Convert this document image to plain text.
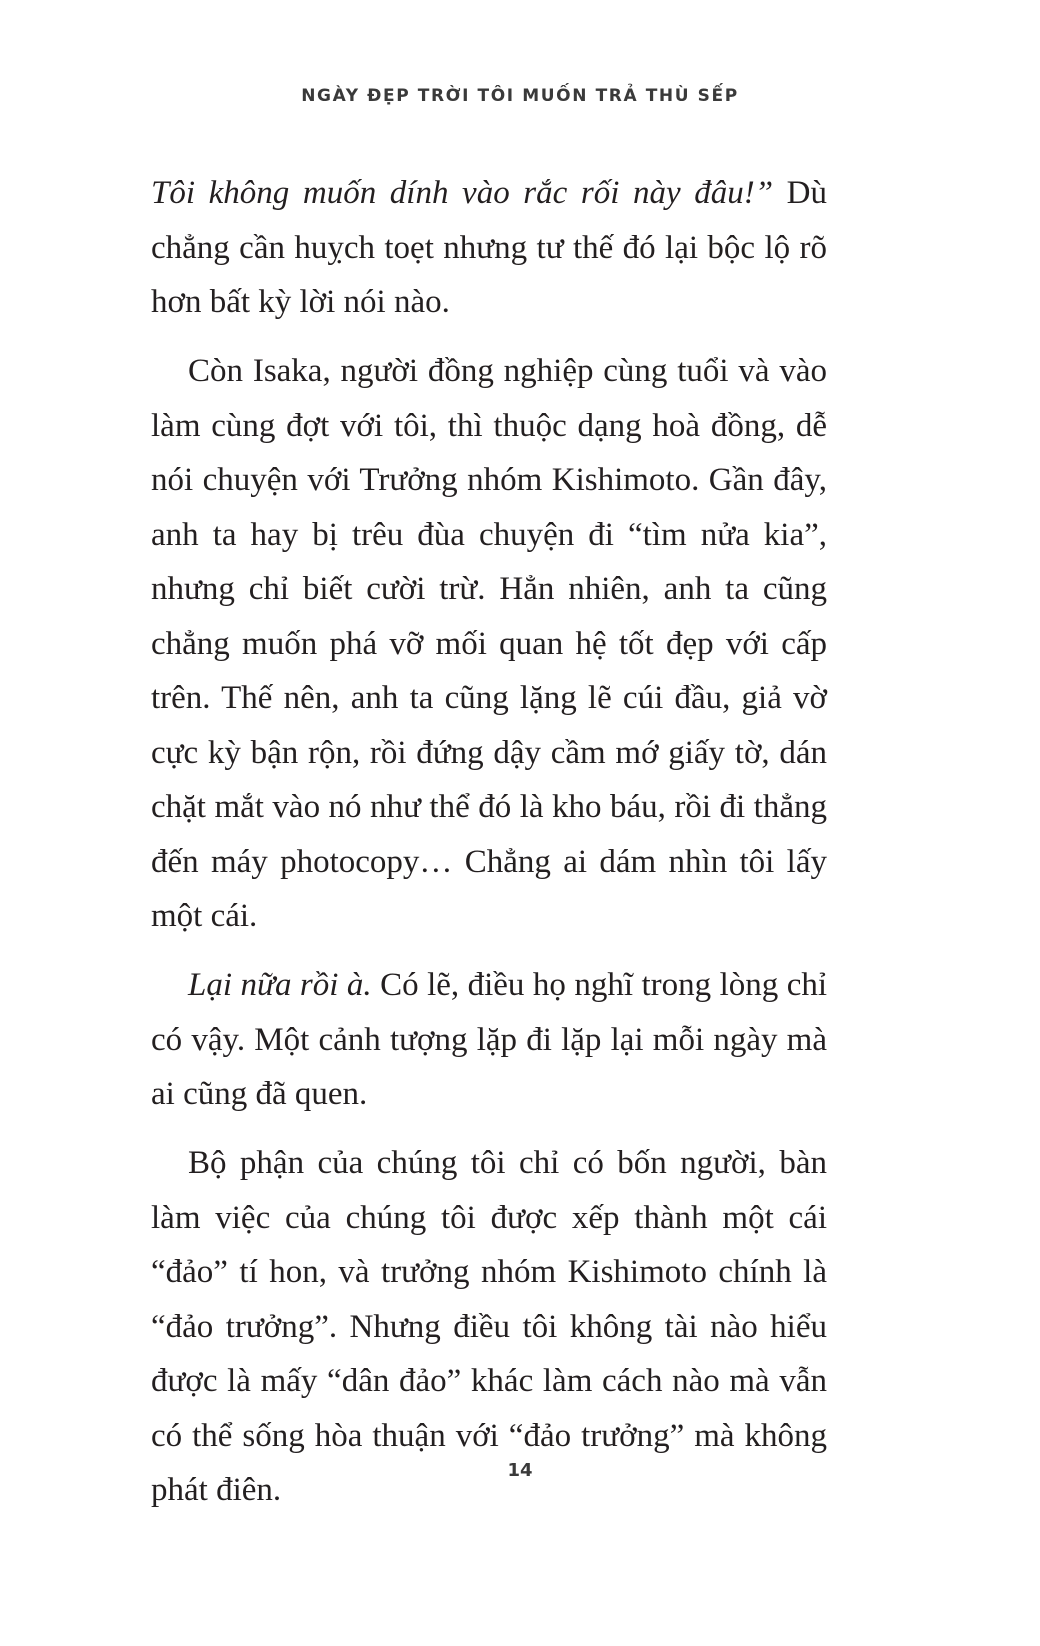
NGÀY ĐẸP TRỜI TÔI MUỐN TRẢ THÙ SẾP

Tôi không muốn dính vào rắc rối này đâu!” Dù chẳng cần huỵch toẹt nhưng tư thế đó lại bộc lộ rõ hơn bất kỳ lời nói nào.

Còn Isaka, người đồng nghiệp cùng tuổi và vào làm cùng đợt với tôi, thì thuộc dạng hoà đồng, dễ nói chuyện với Trưởng nhóm Kishimoto. Gần đây, anh ta hay bị trêu đùa chuyện đi “tìm nửa kia”, nhưng chỉ biết cười trừ. Hẳn nhiên, anh ta cũng chẳng muốn phá vỡ mối quan hệ tốt đẹp với cấp trên. Thế nên, anh ta cũng lặng lẽ cúi đầu, giả vờ cực kỳ bận rộn, rồi đứng dậy cầm mớ giấy tờ, dán chặt mắt vào nó như thể đó là kho báu, rồi đi thẳng đến máy photocopy… Chẳng ai dám nhìn tôi lấy một cái.

Lại nữa rồi à. Có lẽ, điều họ nghĩ trong lòng chỉ có vậy. Một cảnh tượng lặp đi lặp lại mỗi ngày mà ai cũng đã quen.

Bộ phận của chúng tôi chỉ có bốn người, bàn làm việc của chúng tôi được xếp thành một cái “đảo” tí hon, và trưởng nhóm Kishimoto chính là “đảo trưởng”. Nhưng điều tôi không tài nào hiểu được là mấy “dân đảo” khác làm cách nào mà vẫn có thể sống hòa thuận với “đảo trưởng” mà không phát điên.

14
